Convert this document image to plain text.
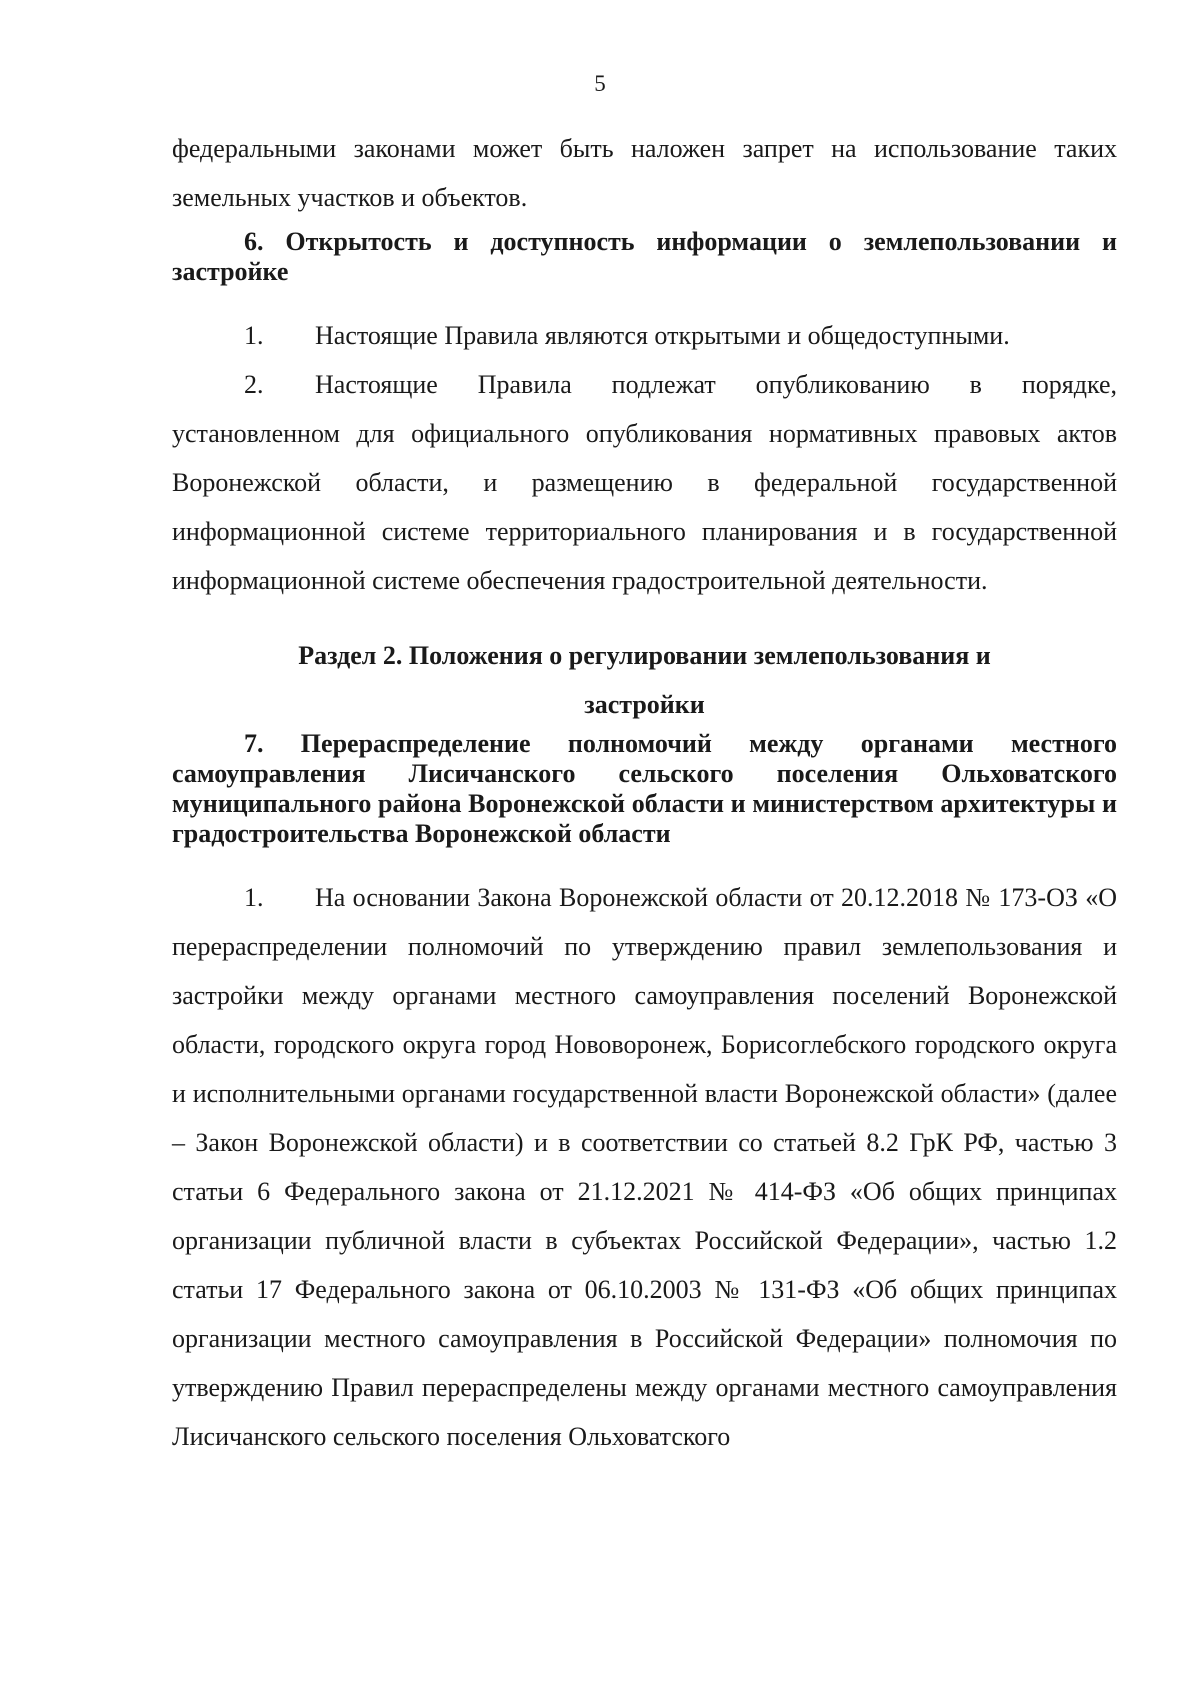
5

федеральными законами может быть наложен запрет на использование таких земельных участков и объектов.

6. Открытость и доступность информации о землепользовании и застройке

1. Настоящие Правила являются открытыми и общедоступными.

2. Настоящие Правила подлежат опубликованию в порядке, установленном для официального опубликования нормативных правовых актов Воронежской области, и размещению в федеральной государственной информационной системе территориального планирования и в государственной информационной системе обеспечения градостроительной деятельности.

Раздел 2. Положения о регулировании землепользования и

застройки

7. Перераспределение полномочий между органами местного самоуправления Лисичанского сельского поселения Ольховатского муниципального района Воронежской области и министерством архитектуры и градостроительства Воронежской области

1. На основании Закона Воронежской области от 20.12.2018 № 173-ОЗ «О перераспределении полномочий по утверждению правил землепользования и застройки между органами местного самоуправления поселений Воронежской области, городского округа город Нововоронеж, Борисоглебского городского округа и исполнительными органами государственной власти Воронежской области» (далее – Закон Воронежской области) и в соответствии со статьей 8.2 ГрК РФ, частью 3 статьи 6 Федерального закона от 21.12.2021 № 414-ФЗ «Об общих принципах организации публичной власти в субъектах Российской Федерации», частью 1.2 статьи 17 Федерального закона от 06.10.2003 № 131-ФЗ «Об общих принципах организации местного самоуправления в Российской Федерации» полномочия по утверждению Правил перераспределены между органами местного самоуправления Лисичанского сельского поселения Ольховатского
